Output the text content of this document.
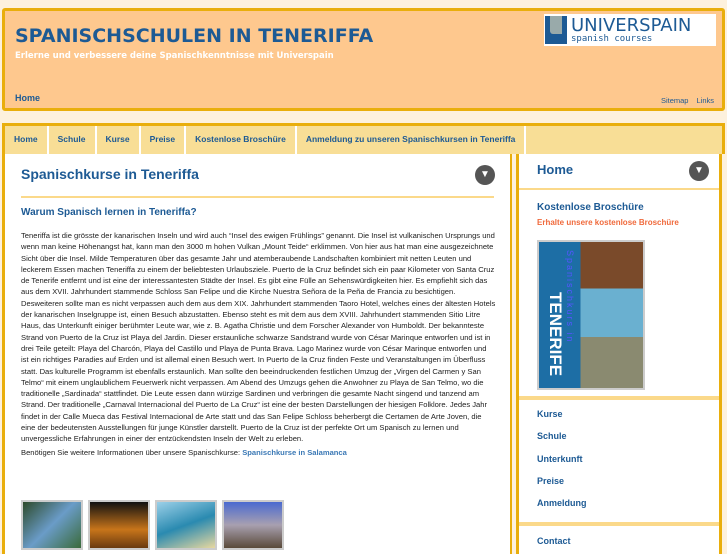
SPANISCHSCHULEN IN TENERIFFA
Erlerne und verbessere deine Spanischkenntnisse mit Universpain
UNIVERSPAIN
spanish courses
Home	Sitemap Links
Home	Schule	Kurse	Preise	Kostenlose Broschüre	Anmeldung zu unseren Spanischkursen in Teneriffa
Spanischkurse in Teneriffa	▼
Warum Spanisch lernen in Teneriffa?
Teneriffa ist die grösste der kanarischen Inseln und wird auch “Insel des ewigen Frühlings” genannt. Die Insel ist vulkanischen Ursprungs und wenn man keine Höhenangst hat, kann man den 3000 m hohen Vulkan „Mount Teide“ erklimmen. Von hier aus hat man eine ausgezeichnete Sicht über die Insel. Milde Temperaturen über das gesamte Jahr und atemberaubende Landschaften kombiniert mit netten Leuten und leckerem Essen machen Teneriffa zu einem der beliebtesten Urlaubsziele. Puerto de la Cruz befindet sich ein paar Kilometer von Santa Cruz de Tenerife entfernt und ist eine der interessantesten Städte der Insel. Es gibt eine Fülle an Sehenswürdigkeiten hier. Es empfiehlt sich das aus dem XVII. Jahrhundert stammende Schloss San Felipe und die Kirche Nuestra Señora de la Peña de Francia zu besichtigen. Desweiteren sollte man es nicht verpassen auch dem aus dem XIX. Jahrhundert stammenden Taoro Hotel, welches eines der ältesten Hotels der kanarischen Inselgruppe ist, einen Besuch abzustatten. Ebenso steht es mit dem aus dem XVIII. Jahrhundert stammenden Sitio Litre Haus, das Unterkunft einiger berühmter Leute war, wie z. B. Agatha Christie und dem Forscher Alexander von Humboldt. Der bekannteste Strand von Puerto de la Cruz ist Playa del Jardin. Dieser erstaunliche schwarze Sandstrand wurde von César Marinque entworfen und ist in drei Teile geteilt: Playa del Charcón, Playa del Castillo und Playa de Punta Brava. Lago Marinez wurde von César Marinque entworfen und ist ein richtiges Paradies auf Erden und ist allemal einen Besuch wert. In Puerto de la Cruz finden Feste und Veranstaltungen im Überfluss statt. Das kulturelle Programm ist ebenfalls erstaunlich. Man sollte den beeindruckenden festlichen Umzug der „Virgen del Carmen y San Telmo“ mit einem unglaublichem Feuerwerk nicht verpassen. Am Abend des Umzugs gehen die Anwohner zu Playa de San Telmo, wo die traditionelle „Sardinada“ stattfindet. Die Leute essen dann würzige Sardinen und verbringen die gesamte Nacht singend und tanzend am Strand. Der traditionelle „Carnaval Internacional del Puerto de La Cruz“ ist eine der besten Darstellungen der hiesigen Folklore. Jedes Jahr findet in der Calle Mueca das Festival Internacional de Arte statt und das San Felipe Schloss beherbergt die Certamen de Arte Joven, die eine der bedeutensten Ausstellungen für junge Künstler darstellt. Puerto de la Cruz ist der perfekte Ort um Spanisch zu lernen und unvergessliche Erfahrungen in einer der entzückendsten Inseln der Welt zu erleben.
Benötigen Sie weitere Informationen über unsere Spanischkurse: Spanischkurse in Salamanca
Home	▼
Kostenlose Broschüre
Erhalte unsere kostenlose Broschüre
TENERIFE Spanischkurs in
Kurse
Schule
Unterkunft
Preise
Anmeldung
Contact
